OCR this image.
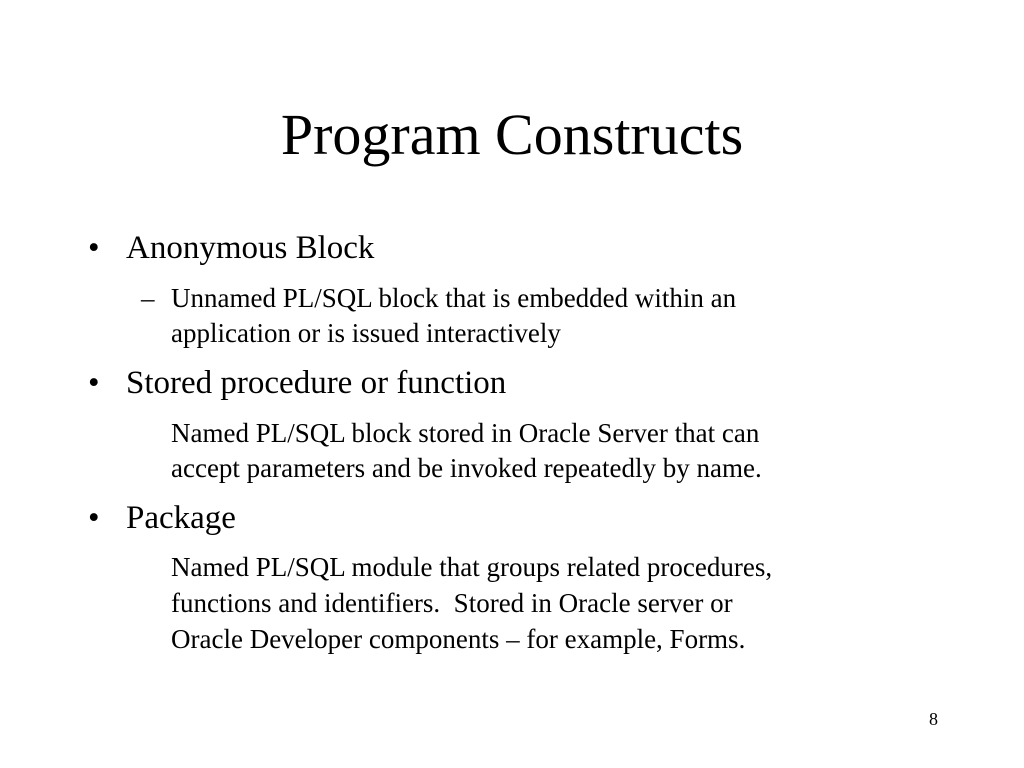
Program Constructs
• Anonymous Block
– Unnamed PL/SQL block that is embedded within an
application or is issued interactively
• Stored procedure or function
Named PL/SQL block stored in Oracle Server that can
accept parameters and be invoked repeatedly by name.
• Package
Named PL/SQL module that groups related procedures,
functions and identifiers.  Stored in Oracle server or
Oracle Developer components – for example, Forms.
8
